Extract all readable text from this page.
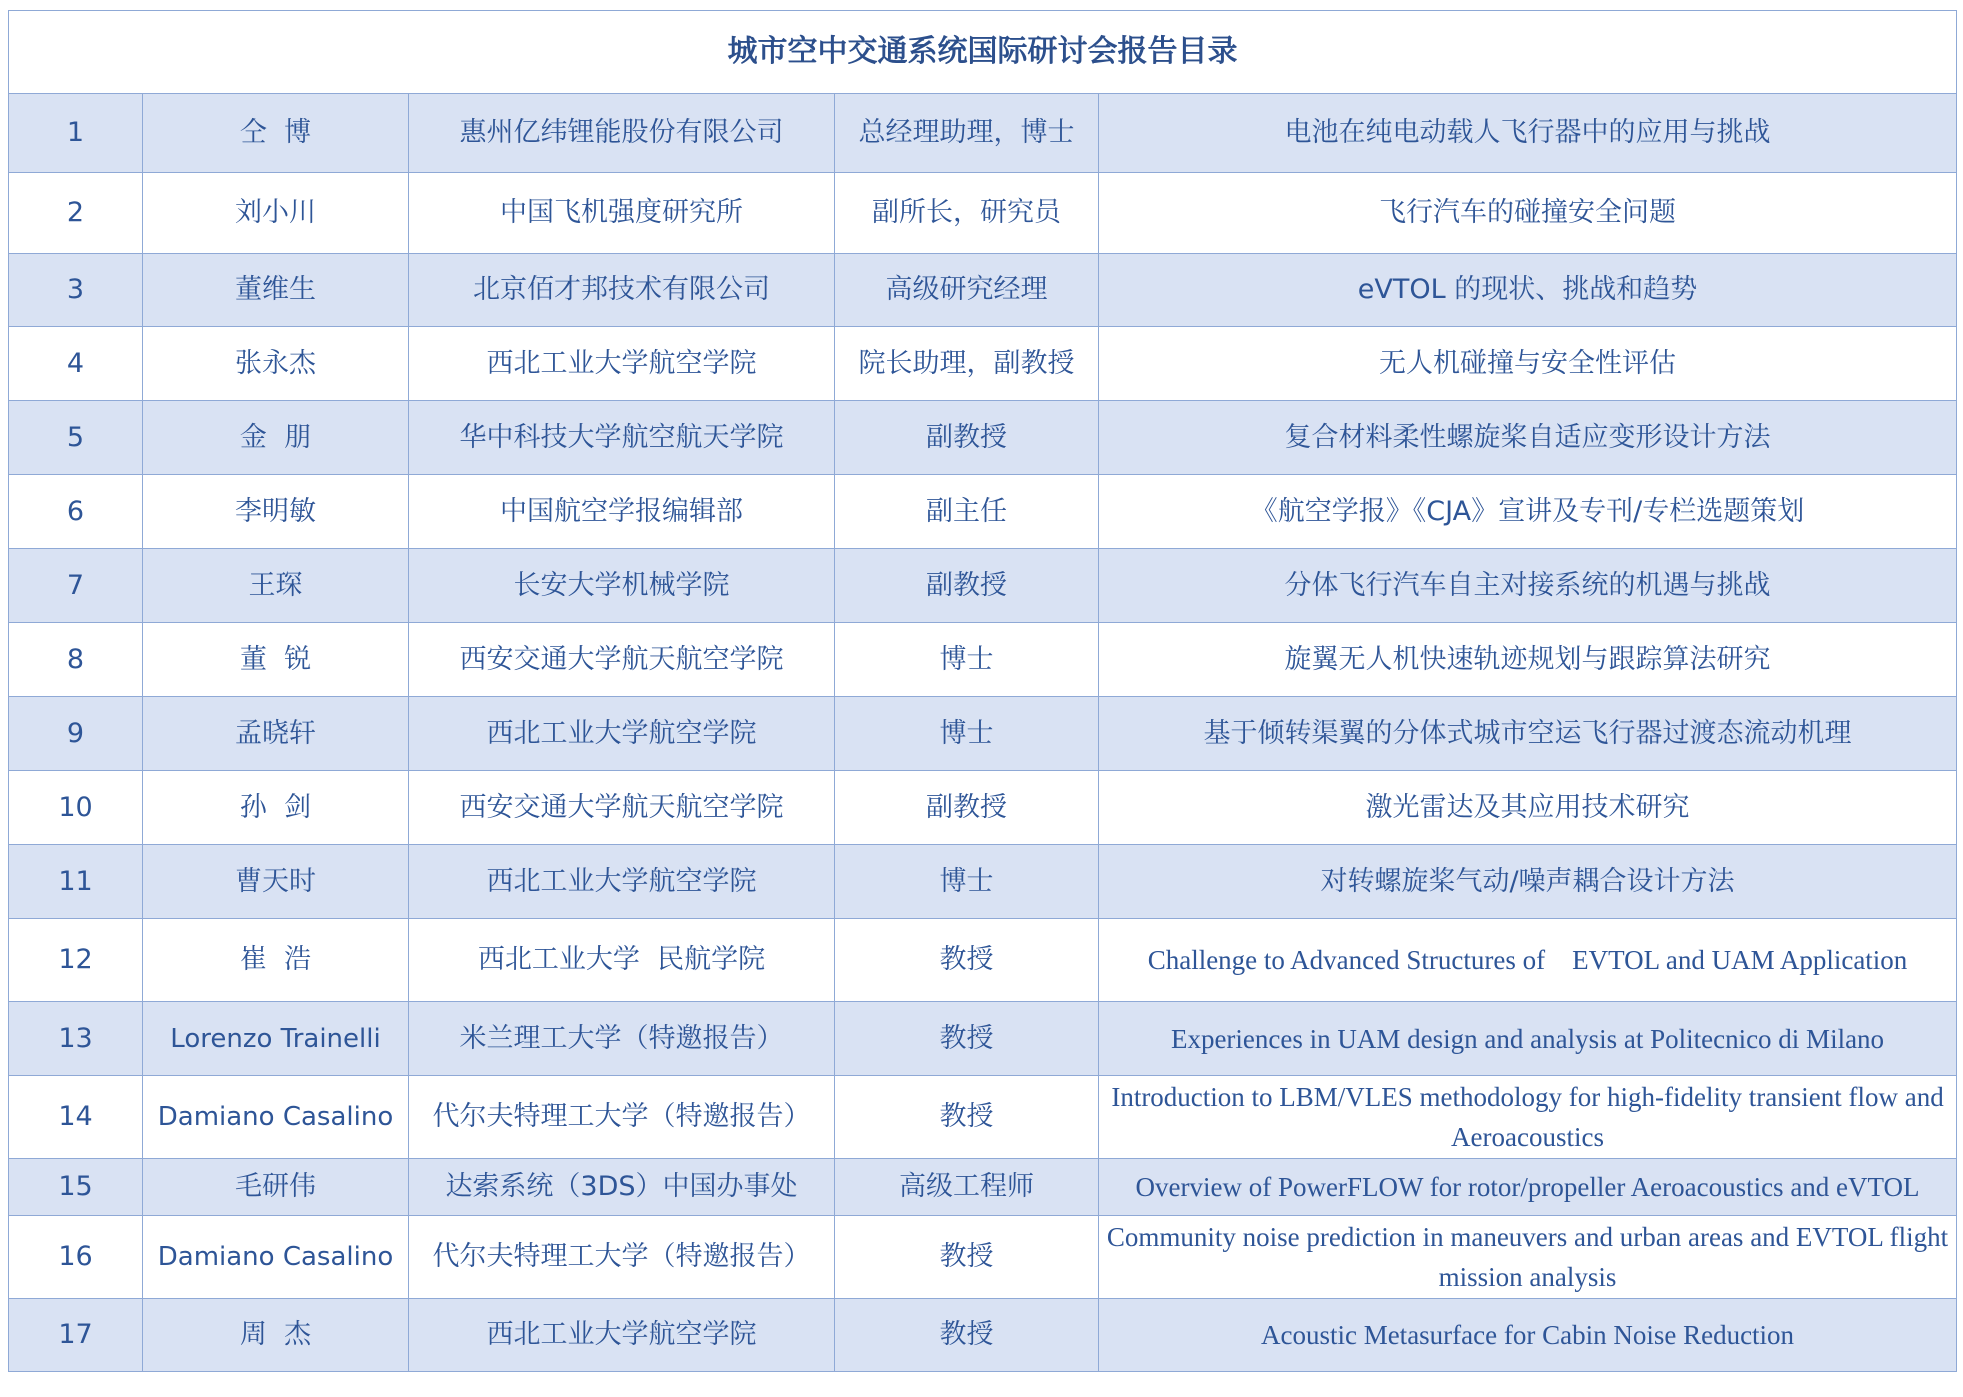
城市空中交通系统国际研讨会报告目录				
1	仝  博	惠州亿纬锂能股份有限公司	总经理助理，博士	电池在纯电动载人飞行器中的应用与挑战
2	刘小川	中国飞机强度研究所	副所长，研究员	飞行汽车的碰撞安全问题
3	董维生	北京佰才邦技术有限公司	高级研究经理	eVTOL 的现状、挑战和趋势
4	张永杰	西北工业大学航空学院	院长助理，副教授	无人机碰撞与安全性评估
5	金  朋	华中科技大学航空航天学院	副教授	复合材料柔性螺旋桨自适应变形设计方法
6	李明敏	中国航空学报编辑部	副主任	《航空学报》《CJA》宣讲及专刊/专栏选题策划
7	王琛	长安大学机械学院	副教授	分体飞行汽车自主对接系统的机遇与挑战
8	董  锐	西安交通大学航天航空学院	博士	旋翼无人机快速轨迹规划与跟踪算法研究
9	孟晓轩	西北工业大学航空学院	博士	基于倾转渠翼的分体式城市空运飞行器过渡态流动机理
10	孙  剑	西安交通大学航天航空学院	副教授	激光雷达及其应用技术研究
11	曹天时	西北工业大学航空学院	博士	对转螺旋桨气动/噪声耦合设计方法
12	崔  浩	西北工业大学  民航学院	教授	Challenge to Advanced Structures of    EVTOL and UAM Application
13	Lorenzo Trainelli	米兰理工大学（特邀报告）	教授	Experiences in UAM design and analysis at Politecnico di Milano
14	Damiano Casalino	代尔夫特理工大学（特邀报告）	教授	Introduction to LBM/VLES methodology for high-fidelity transient flow and Aeroacoustics
15	毛研伟	达索系统（3DS）中国办事处	高级工程师	Overview of PowerFLOW for rotor/propeller Aeroacoustics and eVTOL
16	Damiano Casalino	代尔夫特理工大学（特邀报告）	教授	Community noise prediction in maneuvers and urban areas and EVTOL flight mission analysis
17	周  杰	西北工业大学航空学院	教授	Acoustic Metasurface for Cabin Noise Reduction
